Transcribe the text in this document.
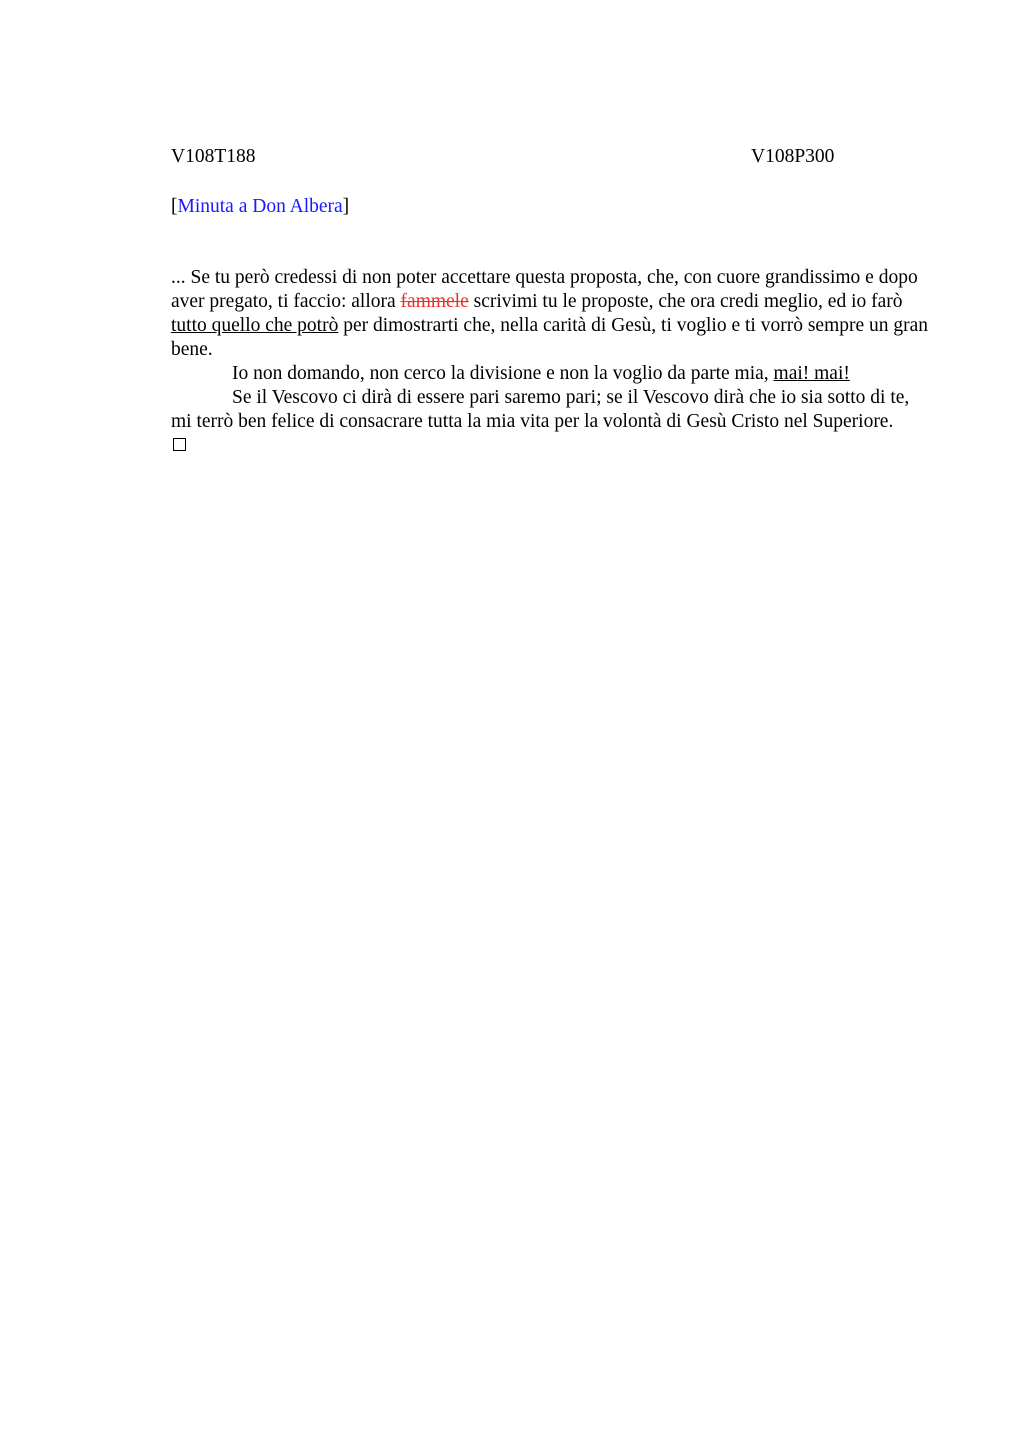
V108T188	V108P300
[Minuta a Don Albera]

... Se tu però credessi di non poter accettare questa proposta, che, con cuore grandissimo e dopo aver pregato, ti faccio: allora fammele scrivimi tu le proposte, che ora credi meglio, ed io farò tutto quello che potrò per dimostrarti che, nella carità di Gesù, ti voglio e ti vorrò sempre un gran bene.

Io non domando, non cerco la divisione e non la voglio da parte mia, mai! mai!

Se il Vescovo ci dirà di essere pari saremo pari; se il Vescovo dirà che io sia sotto di te, mi terrò ben felice di consacrare tutta la mia vita per la volontà di Gesù Cristo nel Superiore.
